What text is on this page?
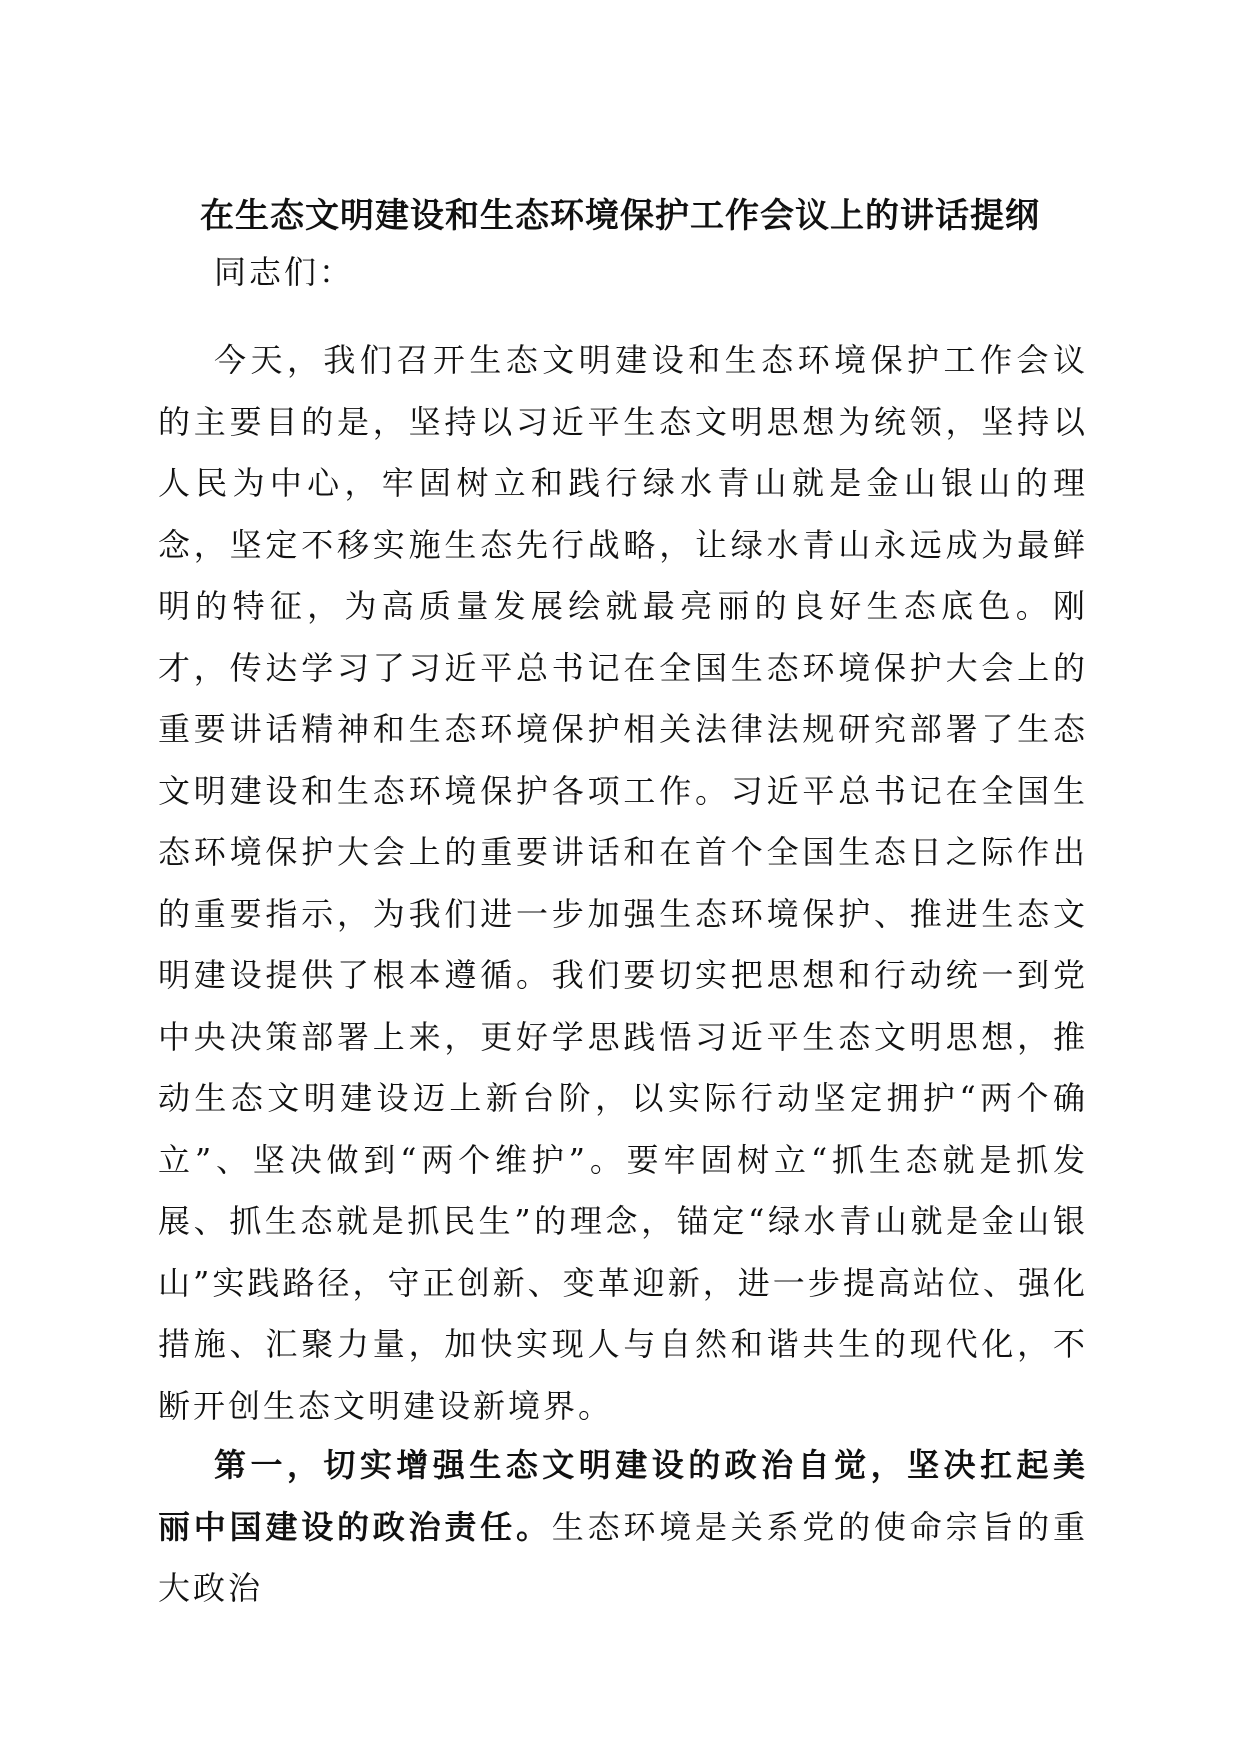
在生态文明建设和生态环境保护工作会议上的讲话提纲
同志们：
今天，我们召开生态文明建设和生态环境保护工作会议的主要目的是，坚持以习近平生态文明思想为统领，坚持以人民为中心，牢固树立和践行绿水青山就是金山银山的理念，坚定不移实施生态先行战略，让绿水青山永远成为最鲜明的特征，为高质量发展绘就最亮丽的良好生态底色。刚才，传达学习了习近平总书记在全国生态环境保护大会上的重要讲话精神和生态环境保护相关法律法规研究部署了生态文明建设和生态环境保护各项工作。习近平总书记在全国生态环境保护大会上的重要讲话和在首个全国生态日之际作出的重要指示，为我们进一步加强生态环境保护、推进生态文明建设提供了根本遵循。我们要切实把思想和行动统一到党中央决策部署上来，更好学思践悟习近平生态文明思想，推动生态文明建设迈上新台阶，以实际行动坚定拥护“两个确立”、坚决做到“两个维护”。要牢固树立“抓生态就是抓发展、抓生态就是抓民生”的理念，锚定“绿水青山就是金山银山”实践路径，守正创新、变革迎新，进一步提高站位、强化措施、汇聚力量，加快实现人与自然和谐共生的现代化，不断开创生态文明建设新境界。
第一，切实增强生态文明建设的政治自觉，坚决扛起美丽中国建设的政治责任。生态环境是关系党的使命宗旨的重大政治
